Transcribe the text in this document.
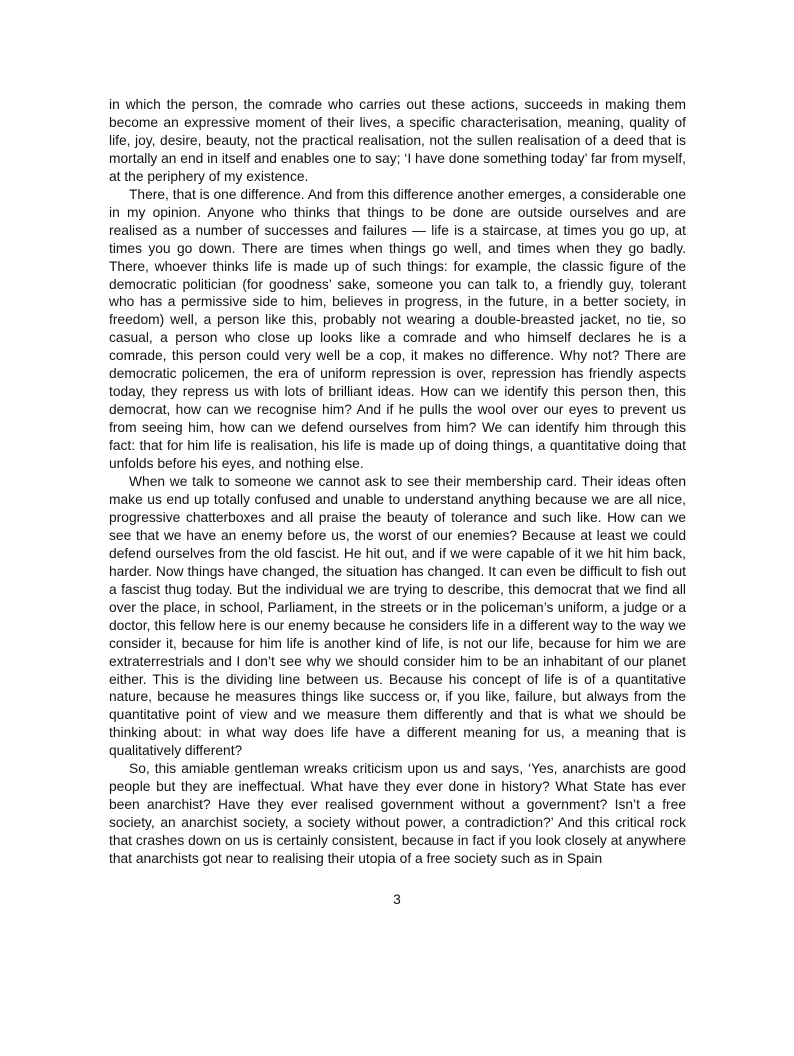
in which the person, the comrade who carries out these actions, succeeds in making them become an expressive moment of their lives, a specific characterisation, meaning, quality of life, joy, desire, beauty, not the practical realisation, not the sullen realisation of a deed that is mortally an end in itself and enables one to say; ‘I have done something today’ far from myself, at the periphery of my existence.

There, that is one difference. And from this difference another emerges, a considerable one in my opinion. Anyone who thinks that things to be done are outside ourselves and are realised as a number of successes and failures — life is a staircase, at times you go up, at times you go down. There are times when things go well, and times when they go badly. There, whoever thinks life is made up of such things: for example, the classic figure of the democratic politician (for goodness’ sake, someone you can talk to, a friendly guy, tolerant who has a permissive side to him, believes in progress, in the future, in a better society, in freedom) well, a person like this, probably not wearing a double-breasted jacket, no tie, so casual, a person who close up looks like a comrade and who himself declares he is a comrade, this person could very well be a cop, it makes no difference. Why not? There are democratic policemen, the era of uniform repression is over, repression has friendly aspects today, they repress us with lots of brilliant ideas. How can we identify this person then, this democrat, how can we recognise him? And if he pulls the wool over our eyes to prevent us from seeing him, how can we defend ourselves from him? We can identify him through this fact: that for him life is realisation, his life is made up of doing things, a quantitative doing that unfolds before his eyes, and nothing else.

When we talk to someone we cannot ask to see their membership card. Their ideas often make us end up totally confused and unable to understand anything because we are all nice, progressive chatterboxes and all praise the beauty of tolerance and such like. How can we see that we have an enemy before us, the worst of our enemies? Because at least we could defend ourselves from the old fascist. He hit out, and if we were capable of it we hit him back, harder. Now things have changed, the situation has changed. It can even be difficult to fish out a fascist thug today. But the individual we are trying to describe, this democrat that we find all over the place, in school, Parliament, in the streets or in the policeman’s uniform, a judge or a doctor, this fellow here is our enemy because he considers life in a different way to the way we consider it, because for him life is another kind of life, is not our life, because for him we are extraterrestrials and I don’t see why we should consider him to be an inhabitant of our planet either. This is the dividing line between us. Because his concept of life is of a quantitative nature, because he measures things like success or, if you like, failure, but always from the quantitative point of view and we measure them differently and that is what we should be thinking about: in what way does life have a different meaning for us, a meaning that is qualitatively different?

So, this amiable gentleman wreaks criticism upon us and says, ‘Yes, anarchists are good people but they are ineffectual. What have they ever done in history? What State has ever been anarchist? Have they ever realised government without a government? Isn’t a free society, an anarchist society, a society without power, a contradiction?’ And this critical rock that crashes down on us is certainly consistent, because in fact if you look closely at anywhere that anarchists got near to realising their utopia of a free society such as in Spain

3
